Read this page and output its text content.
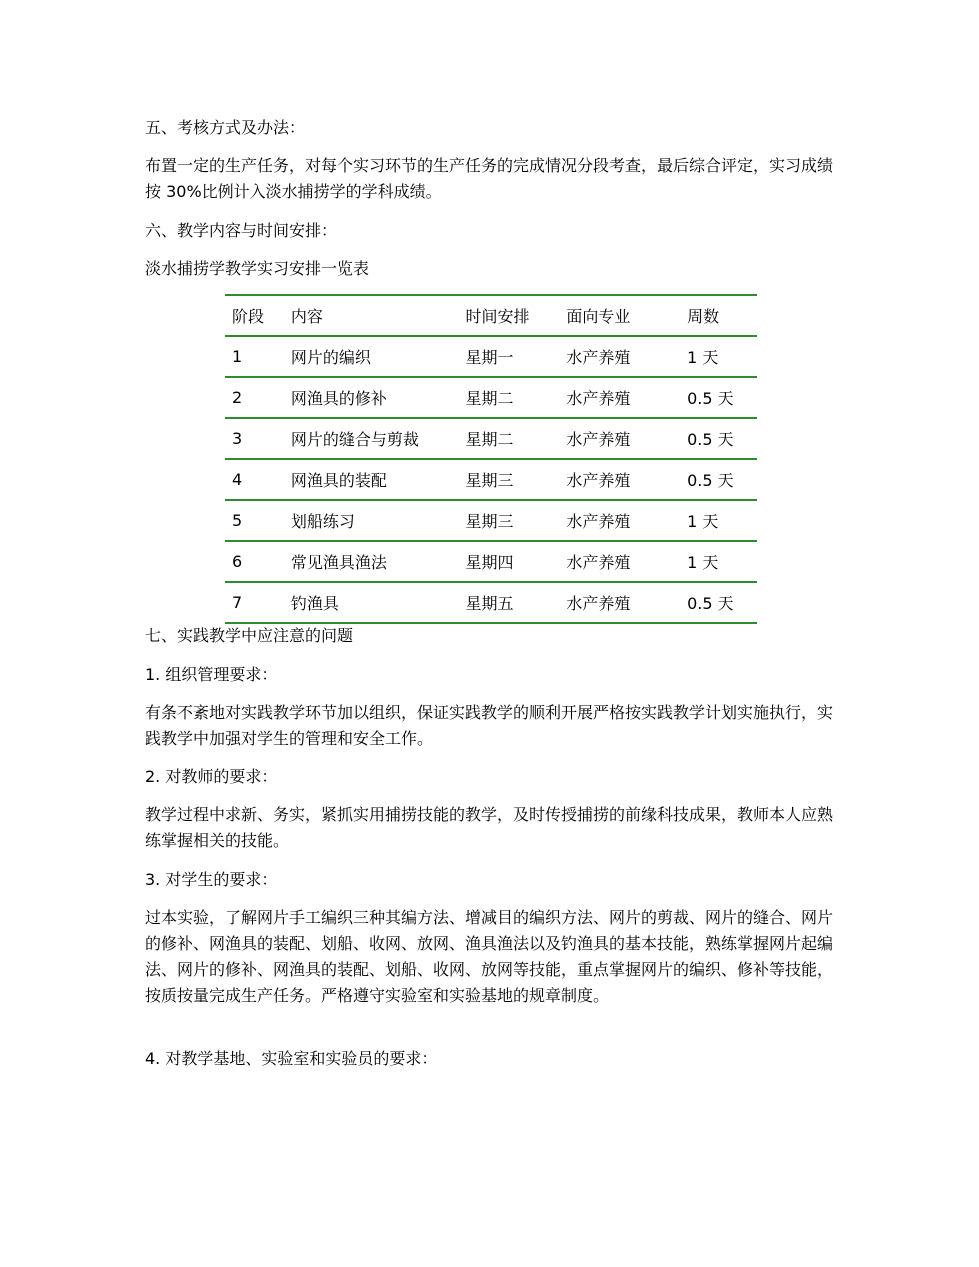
五、考核方式及办法：

布置一定的生产任务，对每个实习环节的生产任务的完成情况分段考查，最后综合评定，实习成绩按 30%比例计入淡水捕捞学的学科成绩。

六、教学内容与时间安排：

淡水捕捞学教学实习安排一览表

阶段	内容	时间安排	面向专业	周数
1	网片的编织	星期一	水产养殖	1 天
2	网渔具的修补	星期二	水产养殖	0.5 天
3	网片的缝合与剪裁	星期二	水产养殖	0.5 天
4	网渔具的装配	星期三	水产养殖	0.5 天
5	划船练习	星期三	水产养殖	1 天
6	常见渔具渔法	星期四	水产养殖	1 天
7	钓渔具	星期五	水产养殖	0.5 天

七、实践教学中应注意的问题

1. 组织管理要求：

有条不紊地对实践教学环节加以组织，保证实践教学的顺利开展严格按实践教学计划实施执行，实践教学中加强对学生的管理和安全工作。

2. 对教师的要求：

教学过程中求新、务实，紧抓实用捕捞技能的教学，及时传授捕捞的前缘科技成果，教师本人应熟练掌握相关的技能。

3. 对学生的要求：

过本实验，了解网片手工编织三种其编方法、增减目的编织方法、网片的剪裁、网片的缝合、网片的修补、网渔具的装配、划船、收网、放网、渔具渔法以及钓渔具的基本技能，熟练掌握网片起编法、网片的修补、网渔具的装配、划船、收网、放网等技能，重点掌握网片的编织、修补等技能，按质按量完成生产任务。严格遵守实验室和实验基地的规章制度。

4. 对教学基地、实验室和实验员的要求：
